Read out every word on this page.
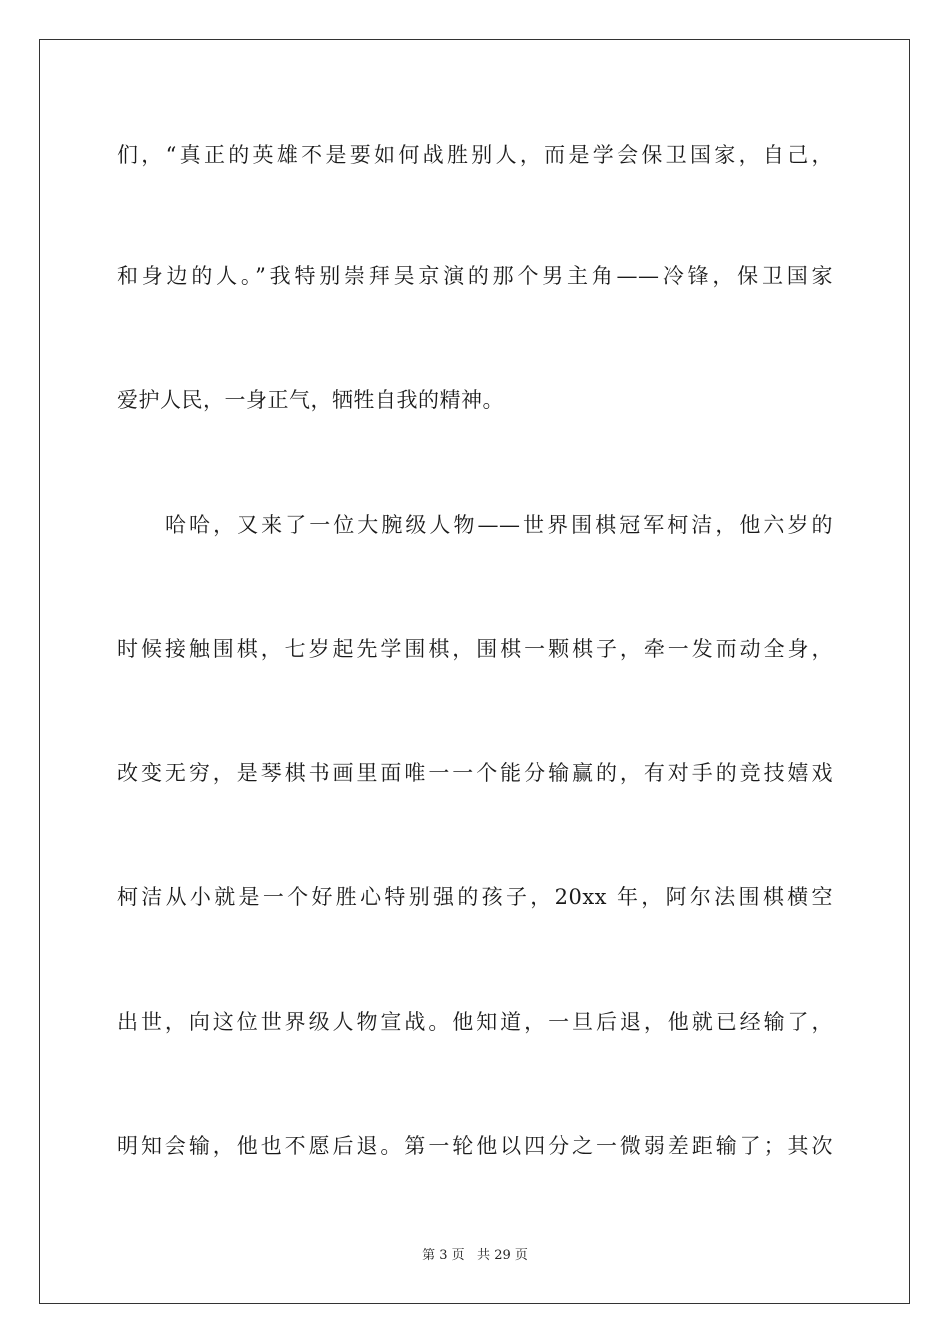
们，“真正的英雄不是要如何战胜别人，而是学会保卫国家，自己，
和身边的人。”我特别崇拜吴京演的那个男主角——冷锋，保卫国家
爱护人民，一身正气，牺牲自我的精神。
哈哈，又来了一位大腕级人物——世界围棋冠军柯洁，他六岁的
时候接触围棋，七岁起先学围棋，围棋一颗棋子，牵一发而动全身，
改变无穷，是琴棋书画里面唯一一个能分输赢的，有对手的竞技嬉戏
柯洁从小就是一个好胜心特别强的孩子，20xx 年，阿尔法围棋横空
出世，向这位世界级人物宣战。他知道，一旦后退，他就已经输了，
明知会输，他也不愿后退。第一轮他以四分之一微弱差距输了；其次
第 3 页   共 29 页
